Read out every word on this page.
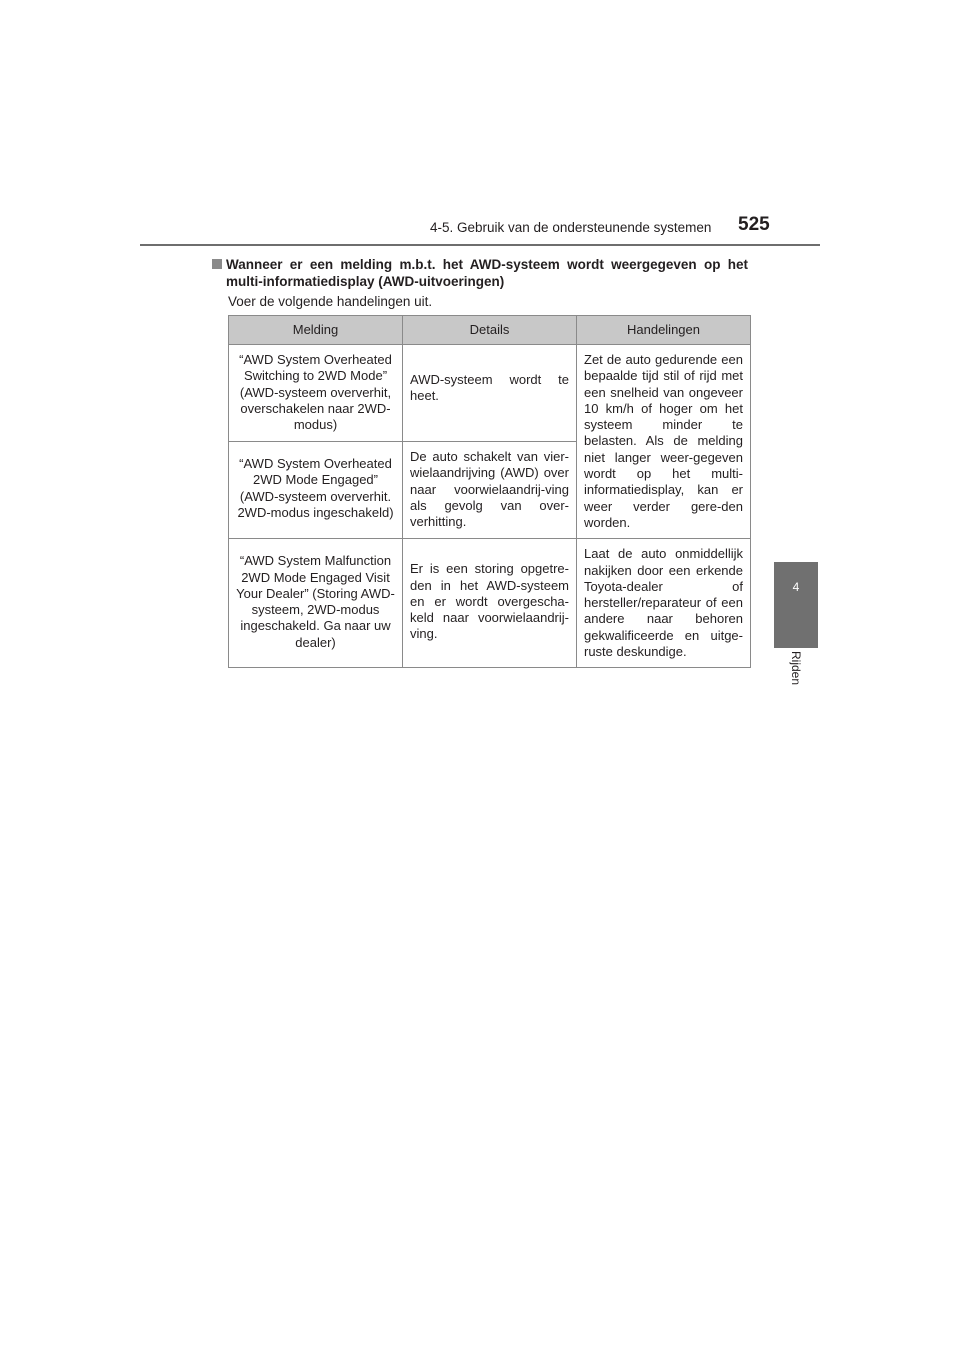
4-5. Gebruik van de ondersteunende systemen 525
4
Rijden
Wanneer er een melding m.b.t. het AWD-systeem wordt weergegeven op het
multi-informatiedisplay (AWD-uitvoeringen)
Voer de volgende handelingen uit.
Melding	Details	Handelingen
“AWD System Overheated Switching to 2WD Mode” (AWD-systeem oververhit, overschakelen naar 2WD-modus)	AWD-systeem wordt te heet.	Zet de auto gedurende een bepaalde tijd stil of rijd met een snelheid van ongeveer 10 km/h of hoger om het systeem minder te belasten. Als de melding niet langer weer-gegeven wordt op het multi-informatiedisplay, kan er weer verder gere-den worden.
“AWD System Overheated 2WD Mode Engaged” (AWD-systeem oververhit. 2WD-modus ingeschakeld)	De auto schakelt van vier-wielaandrijving (AWD) over naar voorwielaandrij-ving als gevolg van over-verhitting.	
“AWD System Malfunction 2WD Mode Engaged Visit Your Dealer” (Storing AWD-systeem, 2WD-modus ingeschakeld. Ga naar uw dealer)	Er is een storing opgetre-den in het AWD-systeem en er wordt overgescha-keld naar voorwielaandrij-ving.	Laat de auto onmiddellijk nakijken door een erkende Toyota-dealer of hersteller/reparateur of een andere naar behoren gekwalificeerde en uitge-ruste deskundige.
